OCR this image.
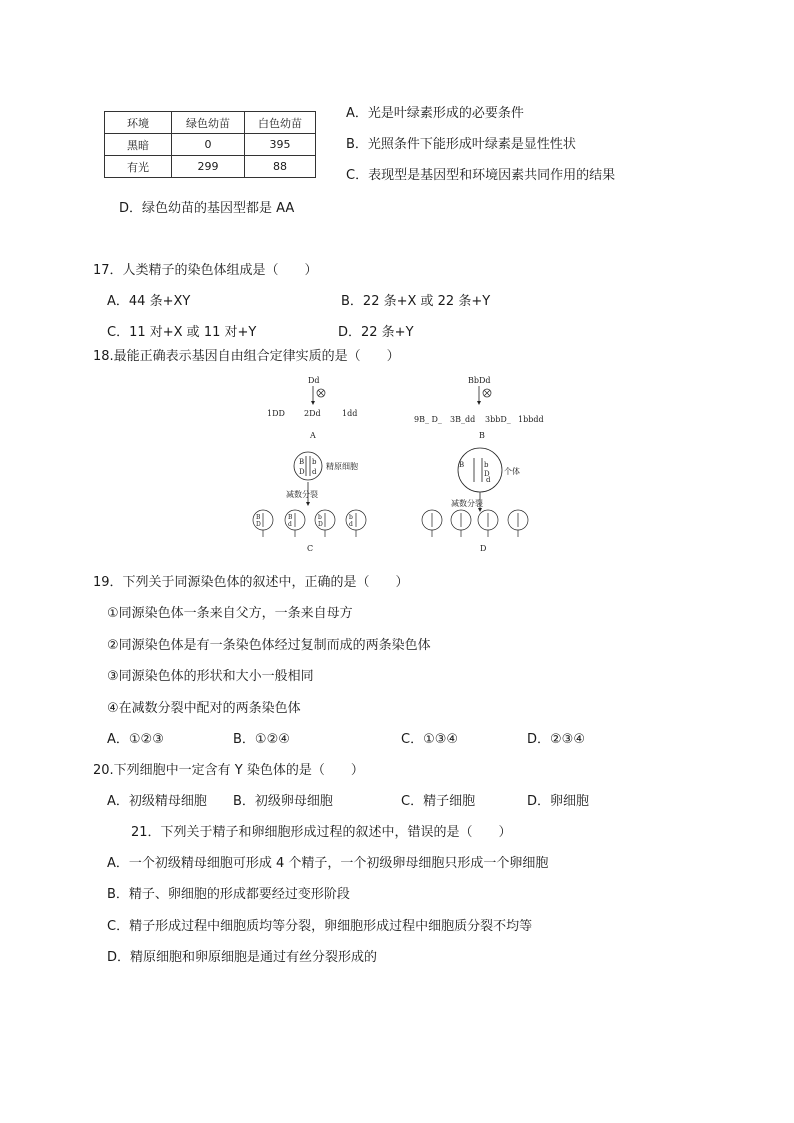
环境	绿色幼苗	白色幼苗
黑暗	0	395
有光	299	88
A．光是叶绿素形成的必要条件
B．光照条件下能形成叶绿素是显性性状
C．表现型是基因型和环境因素共同作用的结果
D．绿色幼苗的基因型都是 AA
17．人类精子的染色体组成是（　　）
A．44 条+XY	B．22 条+X 或 22 条+Y
C．11 对+X 或 11 对+Y	D．22 条+Y
18.最能正确表示基因自由组合定律实质的是（　　）
Dd
1DD 2Dd	1dd
A
BbDd
9B_ D_ 3B_dd 3bbD_ 1bbdd
B
B b
D d
精原细胞
减数分裂
B
D
B
d
b
D
b
d
C
B	b
D
d
个体
减数分裂
D
19．下列关于同源染色体的叙述中，正确的是（　　）
①同源染色体一条来自父方，一条来自母方
②同源染色体是有一条染色体经过复制而成的两条染色体
③同源染色体的形状和大小一般相同
④在减数分裂中配对的两条染色体
A．①②③	B．①②④	C．①③④	D．②③④
20.下列细胞中一定含有 Y 染色体的是（　　）
A．初级精母细胞 B．初级卵母细胞	C．精子细胞	D．卵细胞
21．下列关于精子和卵细胞形成过程的叙述中，错误的是（　　）
A．一个初级精母细胞可形成 4 个精子，一个初级卵母细胞只形成一个卵细胞
B．精子、卵细胞的形成都要经过变形阶段
C．精子形成过程中细胞质均等分裂，卵细胞形成过程中细胞质分裂不均等
D．精原细胞和卵原细胞是通过有丝分裂形成的
